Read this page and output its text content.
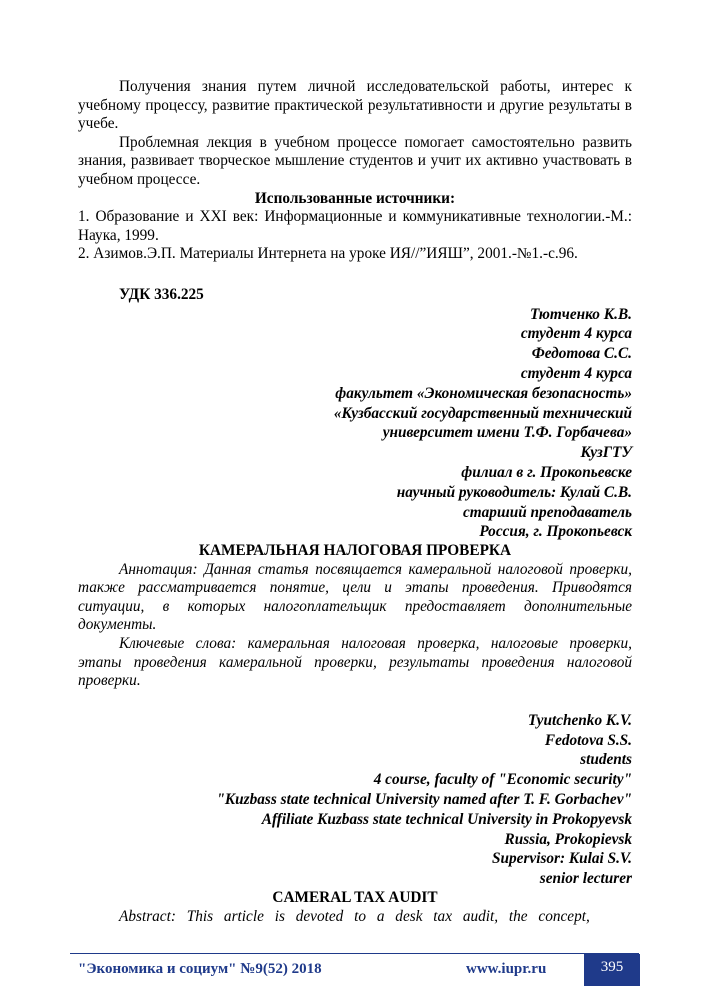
Получения знания путем личной исследовательской работы, интерес к учебному процессу, развитие практической результативности и другие результаты в учебе.

Проблемная лекция в учебном процессе помогает самостоятельно развить знания, развивает творческое мышление студентов и учит их активно участвовать в учебном процессе.

Использованные источники:

1. Образование и XXI век: Информационные и коммуникативные технологии.-М.: Наука, 1999.

2. Азимов.Э.П. Материалы Интернета на уроке ИЯ//”ИЯШ”, 2001.-№1.-с.96.

УДК 336.225

Тютченко К.В.

студент 4 курса

Федотова С.С.

студент 4 курса

факультет «Экономическая безопасность»

«Кузбасский государственный технический

университет имени Т.Ф. Горбачева»

КузГТУ

филиал в г. Прокопьевске

научный руководитель: Кулай С.В.

старший преподаватель

Россия, г. Прокопьевск

КАМЕРАЛЬНАЯ НАЛОГОВАЯ ПРОВЕРКА

Аннотация: Данная статья посвящается камеральной налоговой проверки, также рассматривается понятие, цели и этапы проведения. Приводятся ситуации, в которых налогоплательщик предоставляет дополнительные документы.

Ключевые слова: камеральная налоговая проверка, налоговые проверки, этапы проведения камеральной проверки, результаты проведения налоговой проверки.

Tyutchenko K.V.

Fedotova S.S.

students

4 course, faculty of "Economic security"

"Kuzbass state technical University named after T. F. Gorbachev"

Affiliate Kuzbass state technical University in Prokopyevsk

Russia, Prokopievsk

Supervisor: Kulai S.V.

senior lecturer

CAMERAL TAX AUDIT

Abstract: This article is devoted to a desk tax audit, the concept,

"Экономика и социум" №9(52) 2018	www.iupr.ru	395
